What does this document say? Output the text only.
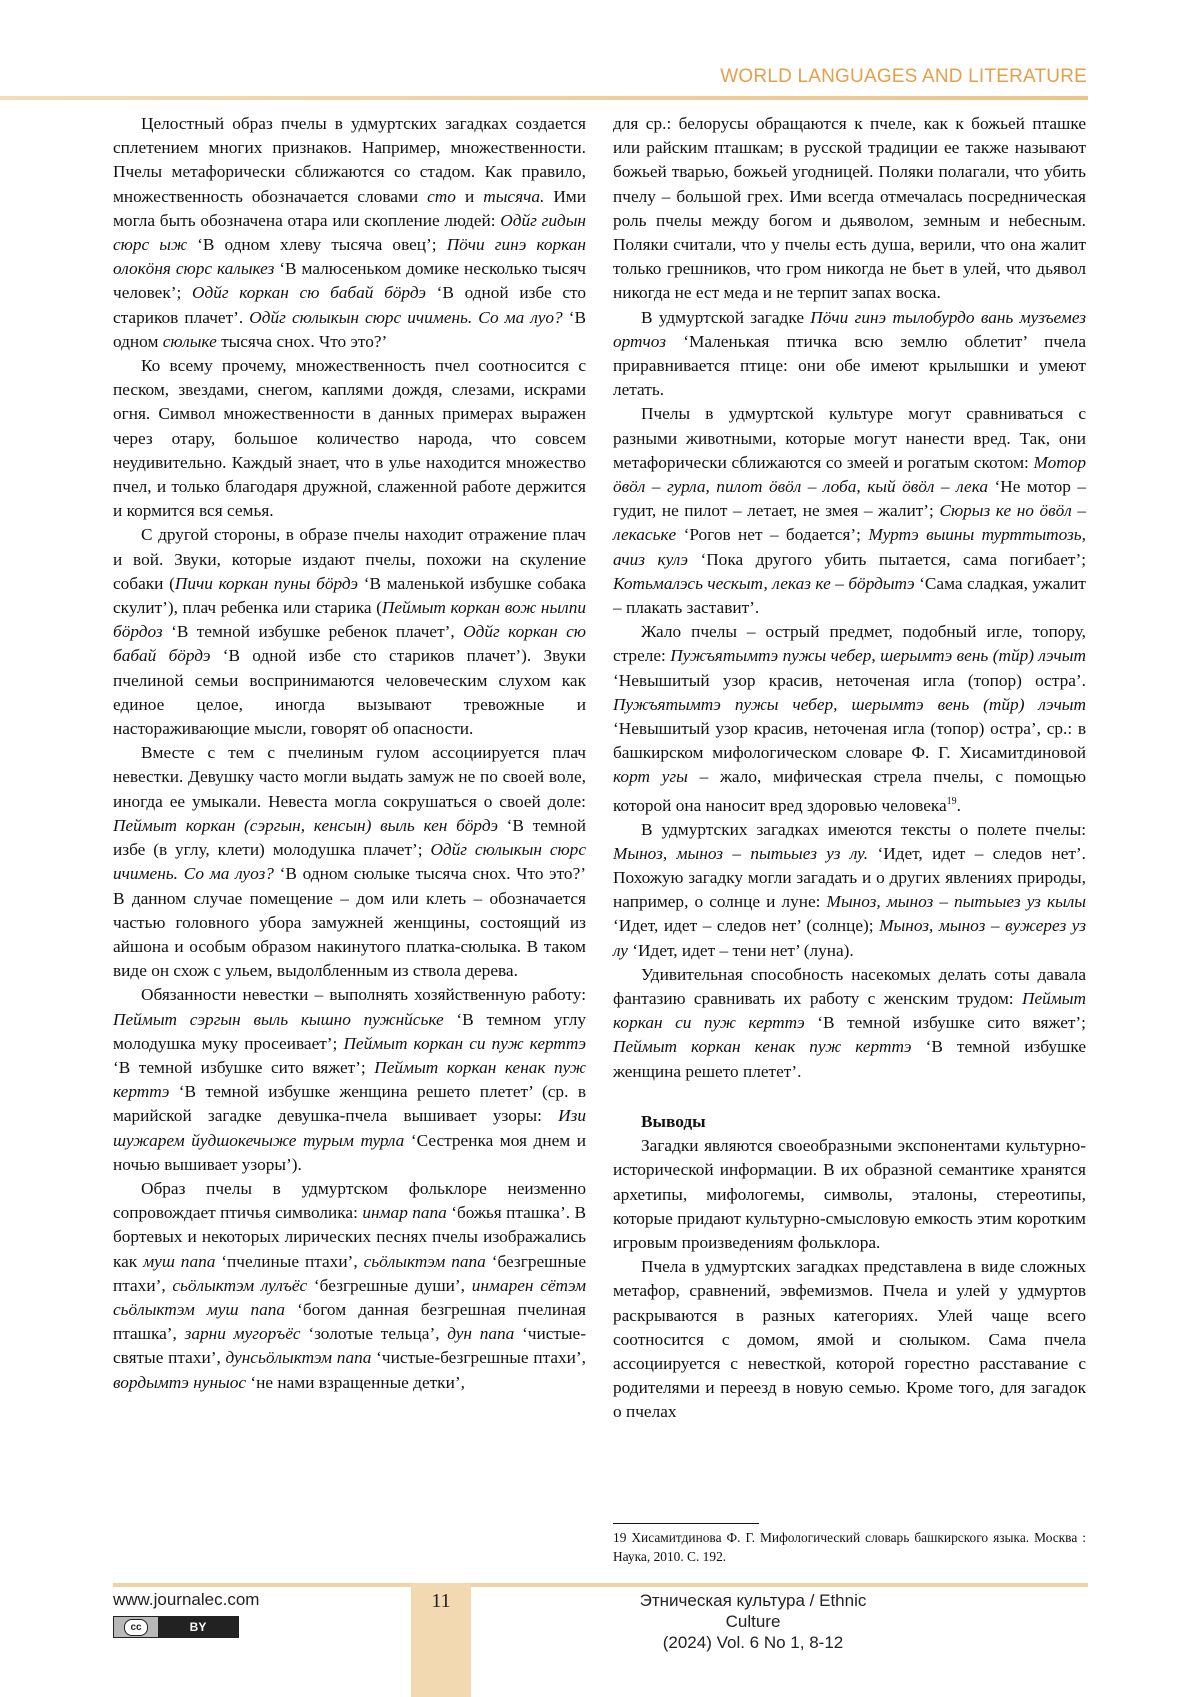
WORLD LANGUAGES AND LITERATURE

Целостный образ пчелы в удмуртских загадках создается сплетением многих признаков. Например, множественности. Пчелы метафорически сближаются со стадом. Как правило, множественность обозначается словами сто и тысяча. Ими могла быть обозначена отара или скопление людей: Одйг гидын сюрс ыж ‘В одном хлеву тысяча овец’; Пӧчи гинэ коркан олокӧня сюрс калыкез ‘В малюсеньком домике несколько тысяч человек’; Одйг коркан сю бабай бӧрдэ ‘В одной избе сто стариков плачет’. Одйг сюлыкын сюрс ичимень. Со ма луо? ‘В одном сюлыке тысяча снох. Что это?’

Ко всему прочему, множественность пчел соотносится с песком, звездами, снегом, каплями дождя, слезами, искрами огня. Символ множественности в данных примерах выражен через отару, большое количество народа, что совсем неудивительно. Каждый знает, что в улье находится множество пчел, и только благодаря дружной, слаженной работе держится и кормится вся семья.

С другой стороны, в образе пчелы находит отражение плач и вой. Звуки, которые издают пчелы, похожи на скуление собаки (Пичи коркан пуны бӧрдэ ‘В маленькой избушке собака скулит’), плач ребенка или старика (Пеймыт коркан вож нылпи бӧрдоз ‘В темной избушке ребенок плачет’, Одйг коркан сю бабай бӧрдэ ‘В одной избе сто стариков плачет’). Звуки пчелиной семьи воспринимаются человеческим слухом как единое целое, иногда вызывают тревожные и настораживающие мысли, говорят об опасности.

Вместе с тем с пчелиным гулом ассоциируется плач невестки. Девушку часто могли выдать замуж не по своей воле, иногда ее умыкали. Невеста могла сокрушаться о своей доле: Пеймыт коркан (сэргын, кенсын) выль кен бӧрдэ ‘В темной избе (в углу, клети) молодушка плачет’; Одйг сюлыкын сюрс ичимень. Со ма луоз? ‘В одном сюлыке тысяча снох. Что это?’ В данном случае помещение – дом или клеть – обозначается частью головного убора замужней женщины, состоящий из айшона и особым образом накинутого платка-сюлыка. В таком виде он схож с ульем, выдолбленным из ствола дерева.

Обязанности невестки – выполнять хозяйственную работу: Пеймыт сэргын выль кышно пужнйське ‘В темном углу молодушка муку просеивает’; Пеймыт коркан си пуж керттэ ‘В темной избушке сито вяжет’; Пеймыт коркан кенак пуж керттэ ‘В темной избушке женщина решето плетет’ (ср. в марийской загадке девушка-пчела вышивает узоры: Изи шужарем йудшокечыже турым турла ‘Сестренка моя днем и ночью вышивает узоры’).

Образ пчелы в удмуртском фольклоре неизменно сопровождает птичья символика: инмар папа ‘божья пташка’. В бортевых и некоторых лирических песнях пчелы изображались как муш папа ‘пчелиные птахи’, сьӧлыктэм папа ‘безгрешные птахи’, сьӧлыктэм лулъёс ‘безгрешные души’, инмарен сётэм сьӧлыктэм муш папа ‘богом данная безгрешная пчелиная пташка’, зарни мугоръёс ‘золотые тельца’, дун папа ‘чистые-святые птахи’, дунсьӧлыктэм папа ‘чистые-безгрешные птахи’, вордымтэ нуныос ‘не нами взращенные детки’,

для ср.: белорусы обращаются к пчеле, как к божьей пташке или райским пташкам; в русской традиции ее также называют божьей тварью, божьей угодницей. Поляки полагали, что убить пчелу – большой грех. Ими всегда отмечалась посредническая роль пчелы между богом и дьяволом, земным и небесным. Поляки считали, что у пчелы есть душа, верили, что она жалит только грешников, что гром никогда не бьет в улей, что дьявол никогда не ест меда и не терпит запах воска.

В удмуртской загадке Пӧчи гинэ тылобурдо вань музъемез ортчоз ‘Маленькая птичка всю землю облетит’ пчела приравнивается птице: они обе имеют крылышки и умеют летать.

Пчелы в удмуртской культуре могут сравниваться с разными животными, которые могут нанести вред. Так, они метафорически сближаются со змеей и рогатым скотом: Мотор ӧвӧл – гурла, пилот ӧвӧл – лоба, кый ӧвӧл – лека ‘Не мотор – гудит, не пилот – летает, не змея – жалит’; Сюрыз ке но ӧвӧл – лекаськe ‘Рогов нет – бодается’; Муртэ выины турттытозь, ачиз кулэ ‘Пока другого убить пытается, сама погибает’; Котьмалэсь ческыт, леказ ке – бӧрдытэ ‘Сама сладкая, ужалит – плакать заставит’.

Жало пчелы – острый предмет, подобный игле, топору, стреле: Пужъятымтэ пужы чебер, шерымтэ вень (тйр) лэчыт ‘Невышитый узор красив, неточеная игла (топор) остра’. Пужъятымтэ пужы чебер, шерымтэ вень (тйр) лэчыт ‘Невышитый узор красив, неточеная игла (топор) остра’, ср.: в башкирском мифологическом словаре Ф. Г. Хисамитдиновой корт угы – жало, мифическая стрела пчелы, с помощью которой она наносит вред здоровью человека$^{19}$.

В удмуртских загадках имеются тексты о полете пчелы: Мыноз, мыноз – пытьыез уз лу. ‘Идет, идет – следов нет’. Похожую загадку могли загадать и о других явлениях природы, например, о солнце и луне: Мыноз, мыноз – пытьыез уз кылы ‘Идет, идет – следов нет’ (солнце); Мыноз, мыноз – вужерез уз лу ‘Идет, идет – тени нет’ (луна).

Удивительная способность насекомых делать соты давала фантазию сравнивать их работу с женским трудом: Пеймыт коркан си пуж керттэ ‘В темной избушке сито вяжет’; Пеймыт коркан кенак пуж керттэ ‘В темной избушке женщина решето плетет’.

Выводы

Загадки являются своеобразными экспонентами культурно-исторической информации. В их образной семантике хранятся архетипы, мифологемы, символы, эталоны, стереотипы, которые придают культурно-смысловую емкость этим коротким игровым произведениям фольклора.

Пчела в удмуртских загадках представлена в виде сложных метафор, сравнений, эвфемизмов. Пчела и улей у удмуртов раскрываются в разных категориях. Улей чаще всего соотносится с домом, ямой и сюлыком. Сама пчела ассоциируется с невесткой, которой горестно расставание с родителями и переезд в новую семью. Кроме того, для загадок о пчелах

19 Хисамитдинова Ф. Г. Мифологический словарь башкирского языка. Москва : Наука, 2010. С. 192.
11
www.journalec.com
cc	BY
Этническая культура / Ethnic Culture
(2024) Vol. 6 No 1, 8-12
